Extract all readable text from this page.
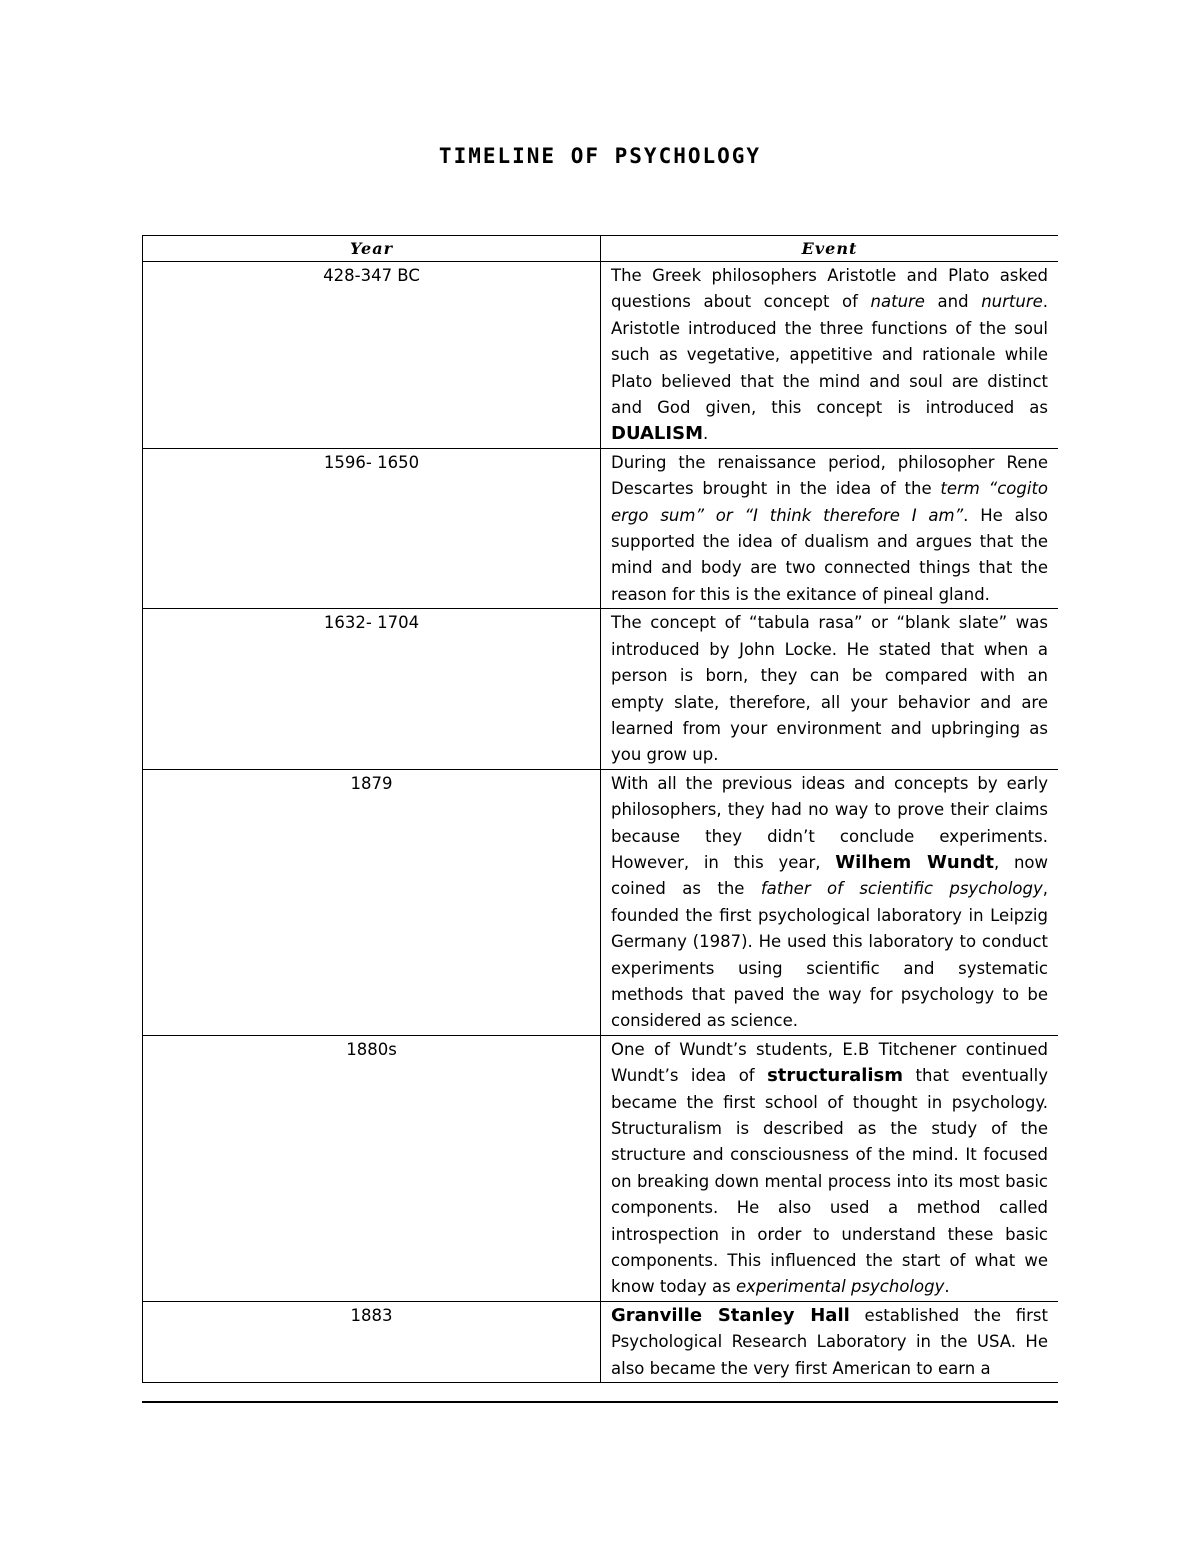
TIMELINE OF PSYCHOLOGY
Year	Event
428-347 BC	The Greek philosophers Aristotle and Plato asked questions about concept of nature and nurture. Aristotle introduced the three functions of the soul such as vegetative, appetitive and rationale while Plato believed that the mind and soul are distinct and God given, this concept is introduced as DUALISM.
1596- 1650	During the renaissance period, philosopher Rene Descartes brought in the idea of the term “cogito ergo sum” or “I think therefore I am”. He also supported the idea of dualism and argues that the mind and body are two connected things that the reason for this is the exitance of pineal gland.
1632- 1704	The concept of “tabula rasa” or “blank slate” was introduced by John Locke. He stated that when a person is born, they can be compared with an empty slate, therefore, all your behavior and are learned from your environment and upbringing as you grow up.
1879	With all the previous ideas and concepts by early philosophers, they had no way to prove their claims because they didn’t conclude experiments. However, in this year, Wilhem Wundt, now coined as the father of scientific psychology, founded the first psychological laboratory in Leipzig Germany (1987). He used this laboratory to conduct experiments using scientific and systematic methods that paved the way for psychology to be considered as science.
1880s	One of Wundt’s students, E.B Titchener continued Wundt’s idea of structuralism that eventually became the first school of thought in psychology. Structuralism is described as the study of the structure and consciousness of the mind. It focused on breaking down mental process into its most basic components. He also used a method called introspection in order to understand these basic components. This influenced the start of what we know today as experimental psychology.
1883	Granville Stanley Hall established the first Psychological Research Laboratory in the USA. He also became the very first American to earn a
